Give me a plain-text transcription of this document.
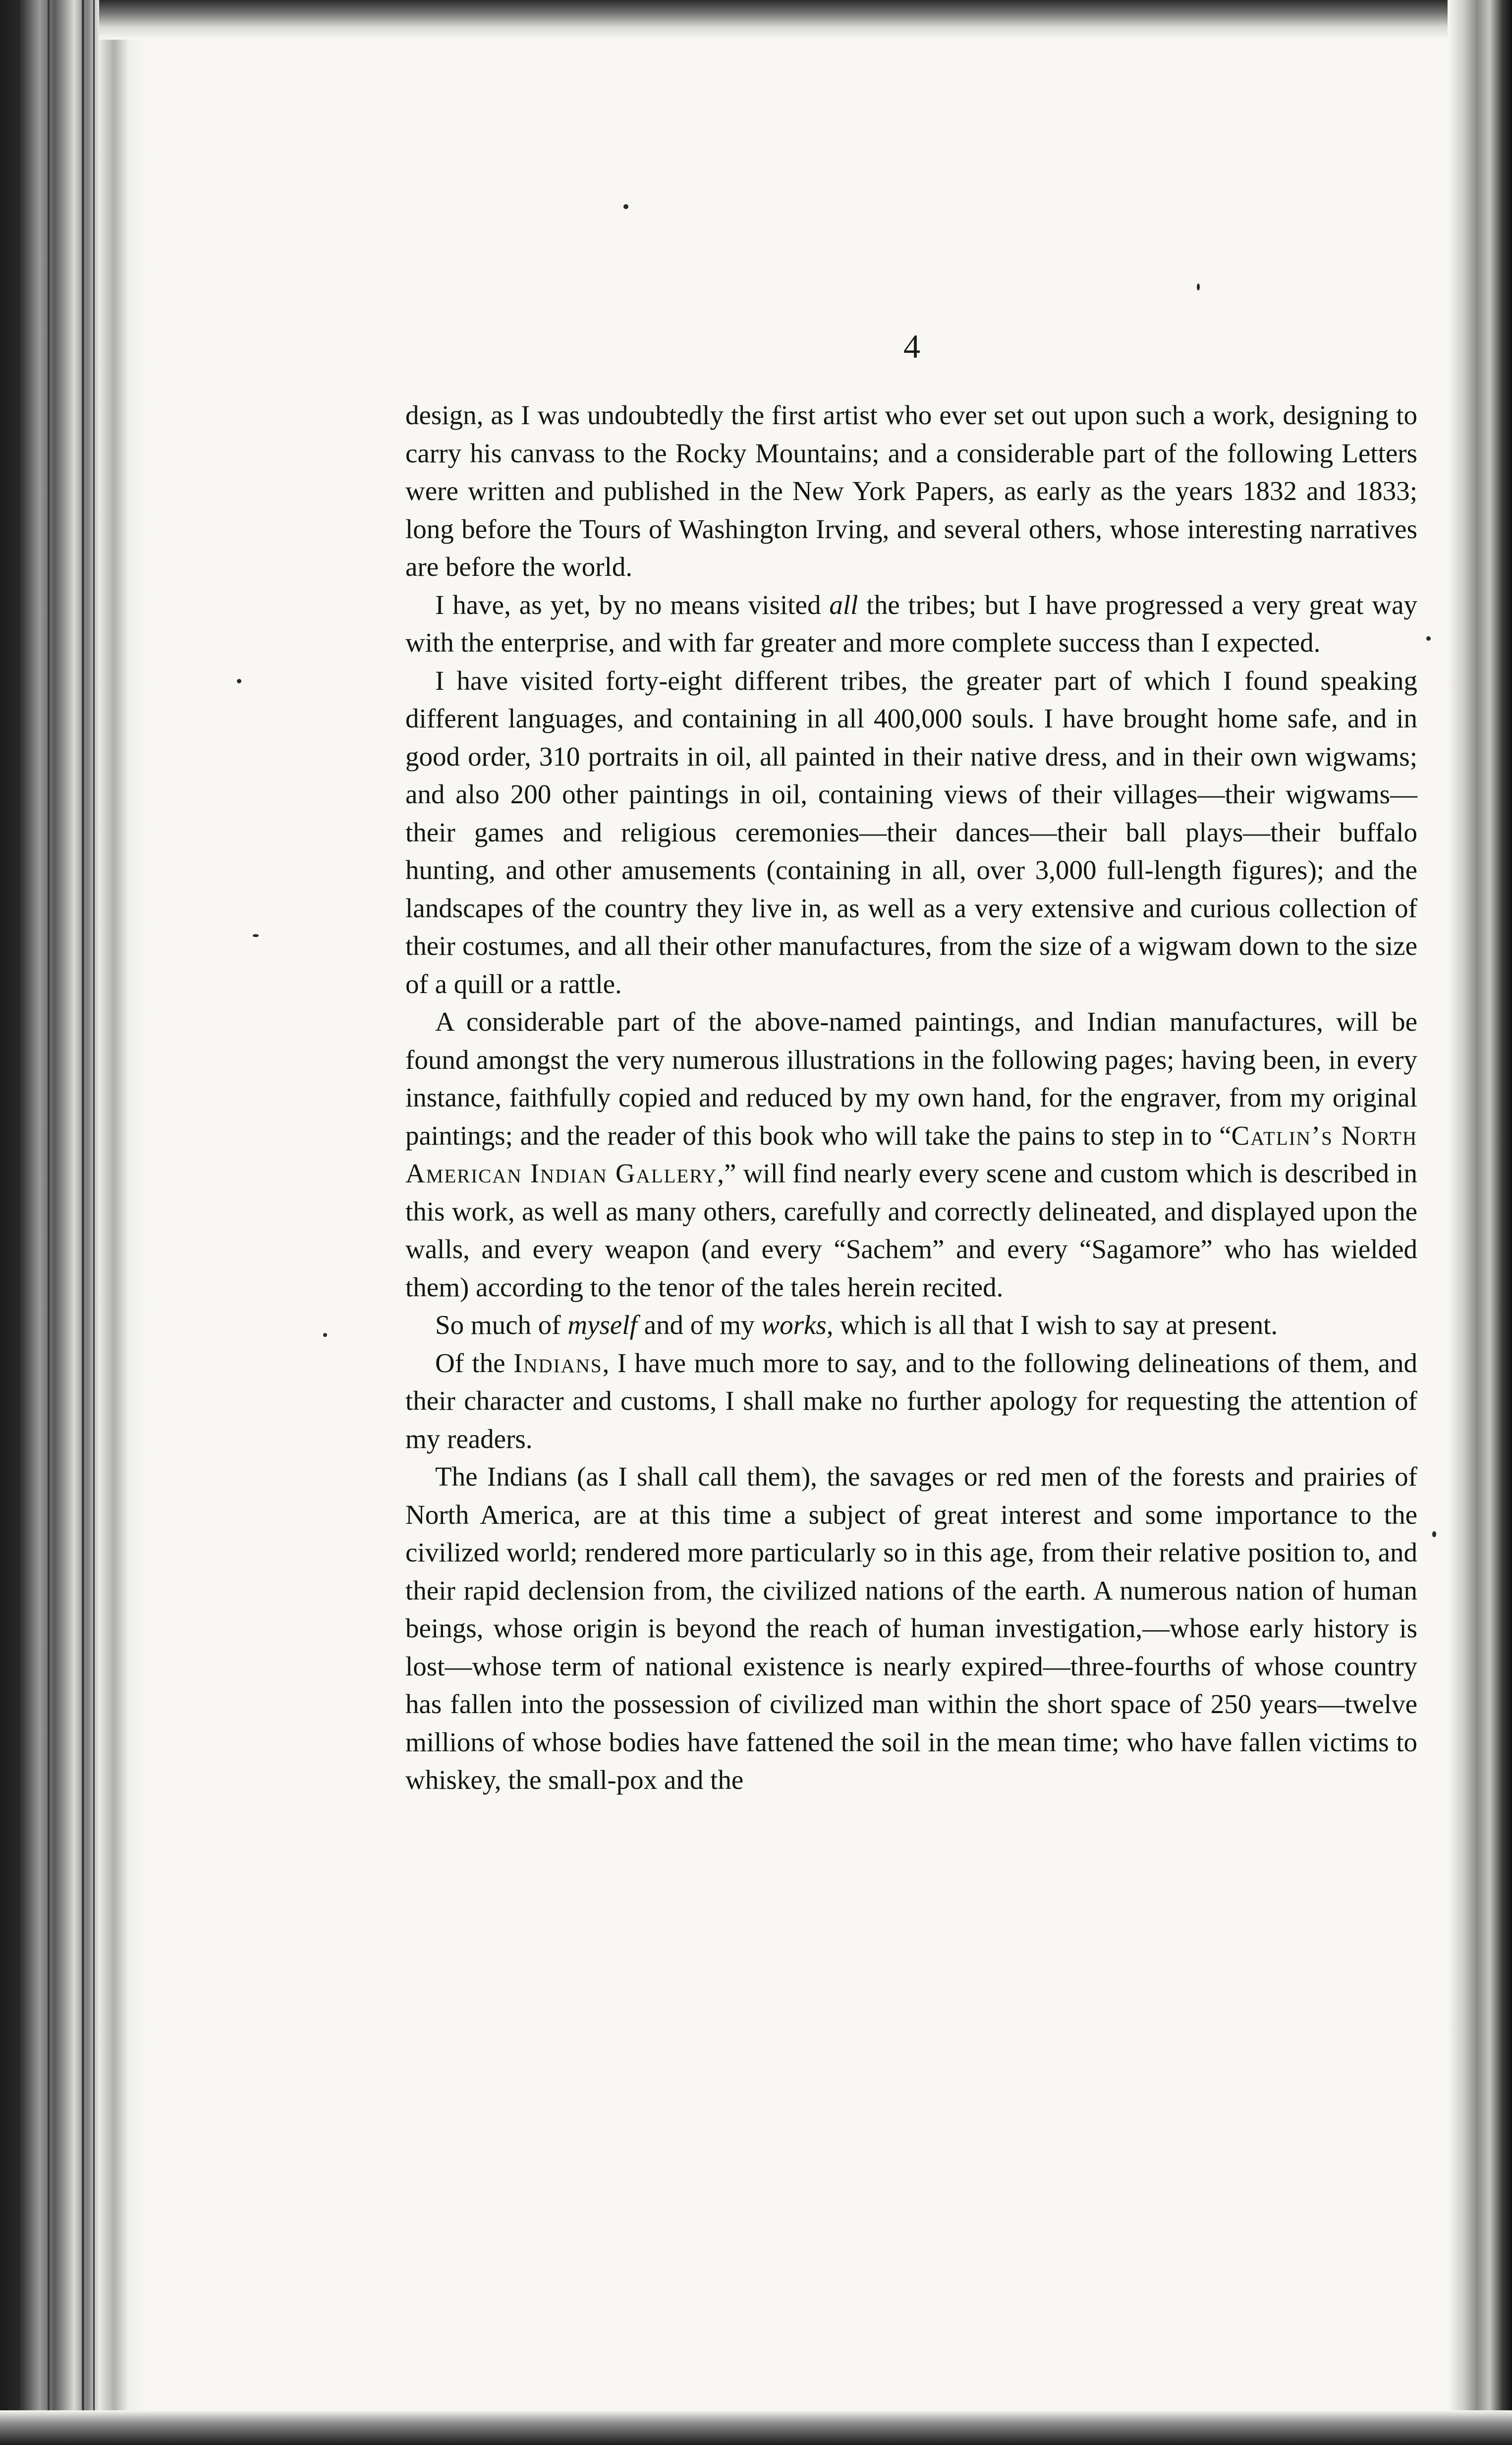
4

design, as I was undoubtedly the first artist who ever set out upon such a work, designing to carry his canvass to the Rocky Mountains; and a considerable part of the following Letters were written and published in the New York Papers, as early as the years 1832 and 1833; long before the Tours of Washington Irving, and several others, whose interesting narratives are before the world.

I have, as yet, by no means visited all the tribes; but I have progressed a very great way with the enterprise, and with far greater and more complete success than I expected.

I have visited forty-eight different tribes, the greater part of which I found speaking different languages, and containing in all 400,000 souls. I have brought home safe, and in good order, 310 portraits in oil, all painted in their native dress, and in their own wigwams; and also 200 other paintings in oil, containing views of their villages—their wigwams—their games and religious ceremonies—their dances—their ball plays—their buffalo hunting, and other amusements (containing in all, over 3,000 full-length figures); and the landscapes of the country they live in, as well as a very extensive and curious collection of their costumes, and all their other manufactures, from the size of a wigwam down to the size of a quill or a rattle.

A considerable part of the above-named paintings, and Indian manufactures, will be found amongst the very numerous illustrations in the following pages; having been, in every instance, faithfully copied and reduced by my own hand, for the engraver, from my original paintings; and the reader of this book who will take the pains to step in to “Catlin’s North American Indian Gallery,” will find nearly every scene and custom which is described in this work, as well as many others, carefully and correctly delineated, and displayed upon the walls, and every weapon (and every “Sachem” and every “Sagamore” who has wielded them) according to the tenor of the tales herein recited.

So much of myself and of my works, which is all that I wish to say at present.

Of the Indians, I have much more to say, and to the following delineations of them, and their character and customs, I shall make no further apology for requesting the attention of my readers.

The Indians (as I shall call them), the savages or red men of the forests and prairies of North America, are at this time a subject of great interest and some importance to the civilized world; rendered more particularly so in this age, from their relative position to, and their rapid declension from, the civilized nations of the earth. A numerous nation of human beings, whose origin is beyond the reach of human investigation,—whose early history is lost—whose term of national existence is nearly expired—three-fourths of whose country has fallen into the possession of civilized man within the short space of 250 years—twelve millions of whose bodies have fattened the soil in the mean time; who have fallen victims to whiskey, the small-pox and the
